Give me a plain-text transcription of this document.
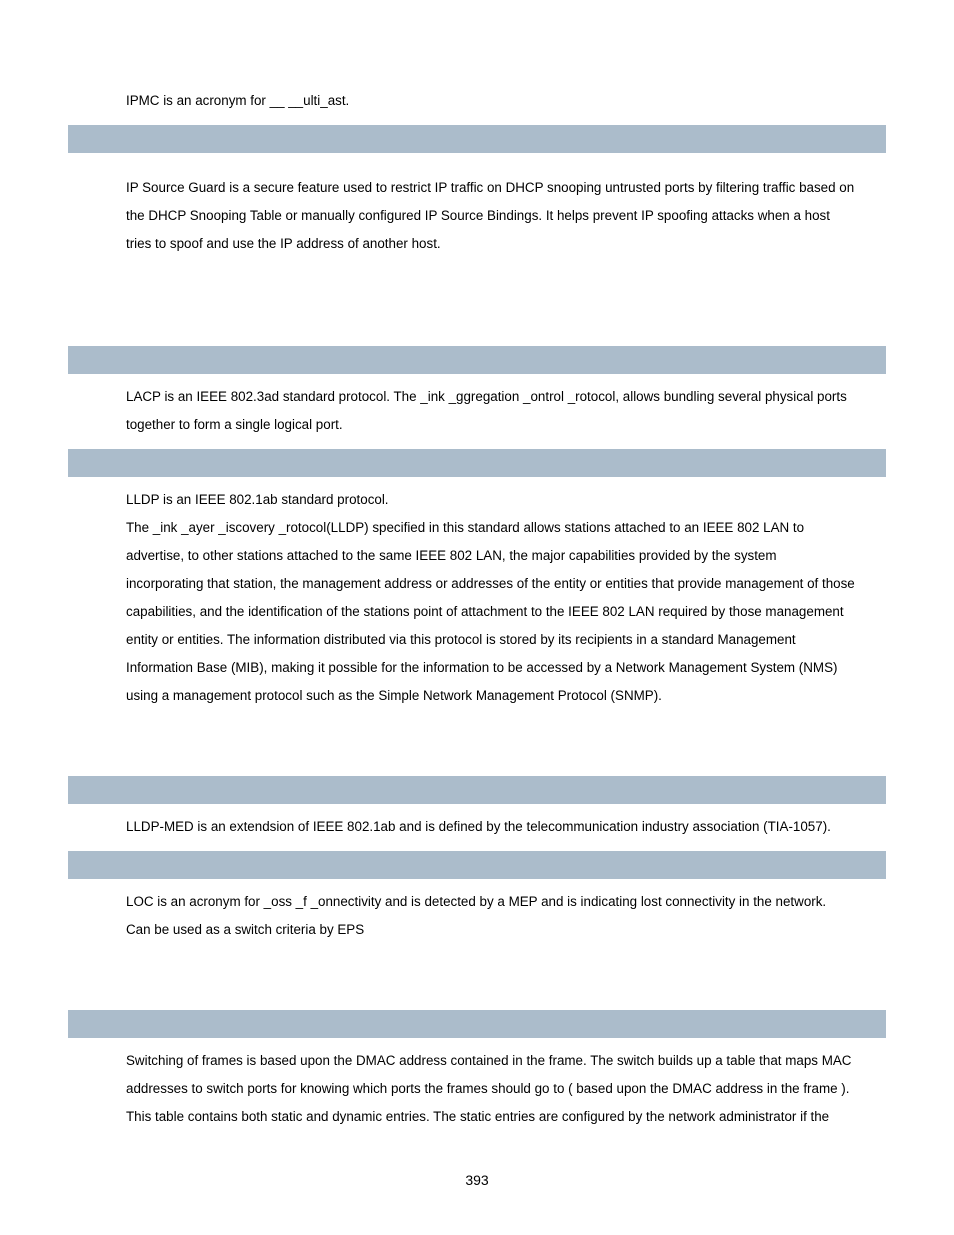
IPMC is an acronym for __ __ulti_ast.

IP Source Guard is a secure feature used to restrict IP traffic on DHCP snooping untrusted ports by filtering traffic based on
the DHCP Snooping Table or manually configured IP Source Bindings. It helps prevent IP spoofing attacks when a host
tries to spoof and use the IP address of another host.

LACP is an IEEE 802.3ad standard protocol. The _ink _ggregation _ontrol _rotocol, allows bundling several physical ports
together to form a single logical port.

LLDP is an IEEE 802.1ab standard protocol.
The _ink _ayer _iscovery _rotocol(LLDP) specified in this standard allows stations attached to an IEEE 802 LAN to
advertise, to other stations attached to the same IEEE 802 LAN, the major capabilities provided by the system
incorporating that station, the management address or addresses of the entity or entities that provide management of those
capabilities, and the identification of the stations point of attachment to the IEEE 802 LAN required by those management
entity or entities. The information distributed via this protocol is stored by its recipients in a standard Management
Information Base (MIB), making it possible for the information to be accessed by a Network Management System (NMS)
using a management protocol such as the Simple Network Management Protocol (SNMP).

LLDP-MED is an extendsion of IEEE 802.1ab and is defined by the telecommunication industry association (TIA-1057).

LOC is an acronym for _oss _f _onnectivity and is detected by a MEP and is indicating lost connectivity in the network.
Can be used as a switch criteria by EPS

Switching of frames is based upon the DMAC address contained in the frame. The switch builds up a table that maps MAC
addresses to switch ports for knowing which ports the frames should go to ( based upon the DMAC address in the frame ).
This table contains both static and dynamic entries. The static entries are configured by the network administrator if the

393
